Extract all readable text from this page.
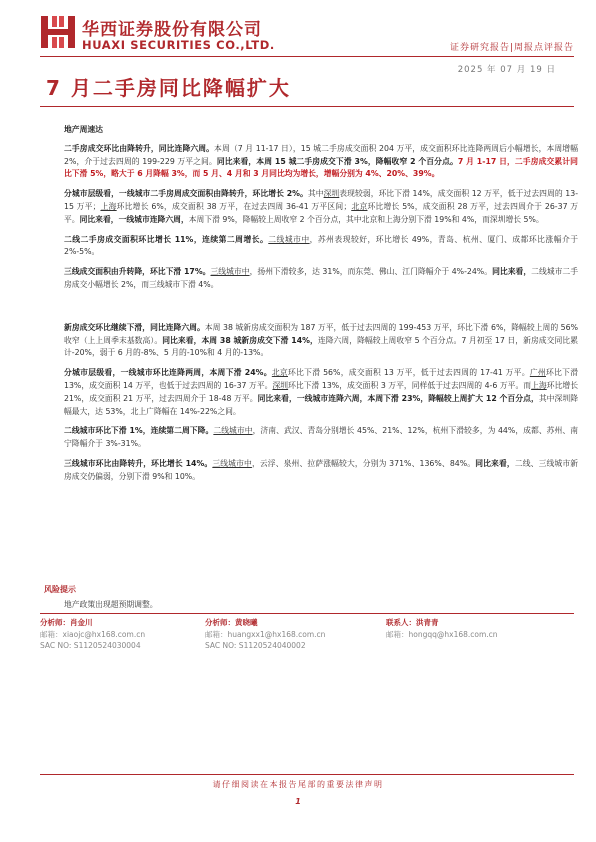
华西证券股份有限公司
HUAXI SECURITIES CO.,LTD.	证券研究报告|周报点评报告
2025 年 07 月 19 日
7 月二手房同比降幅扩大
地产周速达

二手房成交环比由降转升，同比连降六周。本周（7 月 11-17 日），15 城二手房成交面积 204 万平，成交面积环比连降两周后小幅增长，本周增幅 2%，介于过去四周的 199-229 万平之间。同比来看，本周 15 城二手房成交下滑 3%，降幅收窄 2 个百分点。7 月 1-17 日，二手房成交累计同比下滑 5%，略大于 6 月降幅 3%，而 5 月、4 月和 3 月同比均为增长，增幅分别为 4%、20%、39%。

分城市层级看，一线城市二手房周成交面积由降转升，环比增长 2%。其中深圳表现较弱，环比下滑 14%，成交面积 12 万平，低于过去四周的 13-15 万平；上海环比增长 6%，成交面积 38 万平，在过去四周 36-41 万平区间；北京环比增长 5%，成交面积 28 万平，过去四周介于 26-37 万平。同比来看，一线城市连降六周，本周下滑 9%，降幅较上周收窄 2 个百分点，其中北京和上海分别下滑 19%和 4%，而深圳增长 5%。

二线二手房成交面积环比增长 11%，连续第二周增长。二线城市中，苏州表现较好，环比增长 49%，青岛、杭州、厦门、成都环比涨幅介于 2%-5%。

三线成交面积由升转降，环比下滑 17%。三线城市中，扬州下滑较多，达 31%，而东莞、佛山、江门降幅介于 4%-24%。同比来看，二线城市二手房成交小幅增长 2%，而三线城市下滑 4%。

新房成交环比继续下滑，同比连降六周。本周 38 城新房成交面积为 187 万平，低于过去四周的 199-453 万平，环比下滑 6%，降幅较上周的 56%收窄（上上周季末基数高）。同比来看，本周 38 城新房成交下滑 14%，连降六周，降幅较上周收窄 5 个百分点。7 月初至 17 日，新房成交同比累计-20%，弱于 6 月的-8%、5 月的-10%和 4 月的-13%。

分城市层级看，一线城市环比连降两周，本周下滑 24%。北京环比下滑 56%，成交面积 13 万平，低于过去四周的 17-41 万平。广州环比下滑 13%，成交面积 14 万平，也低于过去四周的 16-37 万平。深圳环比下滑 13%，成交面积 3 万平，同样低于过去四周的 4-6 万平。而上海环比增长 21%，成交面积 21 万平，过去四周介于 18-48 万平。同比来看，一线城市连降六周，本周下滑 23%，降幅较上周扩大 12 个百分点，其中深圳降幅最大，达 53%，北上广降幅在 14%-22%之间。

二线城市环比下滑 1%，连续第二周下降。二线城市中，济南、武汉、青岛分别增长 45%、21%、12%，杭州下滑较多，为 44%，成都、苏州、南宁降幅介于 3%-31%。

三线城市环比由降转升，环比增长 14%。三线城市中，云浮、泉州、拉萨涨幅较大，分别为 371%、136%、84%。同比来看，二线、三线城市新房成交仍偏弱，分别下滑 9%和 10%。

风险提示
地产政策出现超预期调整。
分析师：肖金川
邮箱：xiaojc@hx168.com.cn
SAC NO: S1120524030004
分析师：黄晓曦
邮箱：huangxx1@hx168.com.cn
SAC NO: S1120524040002
联系人：洪青青
邮箱：hongqq@hx168.com.cn
请仔细阅读在本报告尾部的重要法律声明
1
